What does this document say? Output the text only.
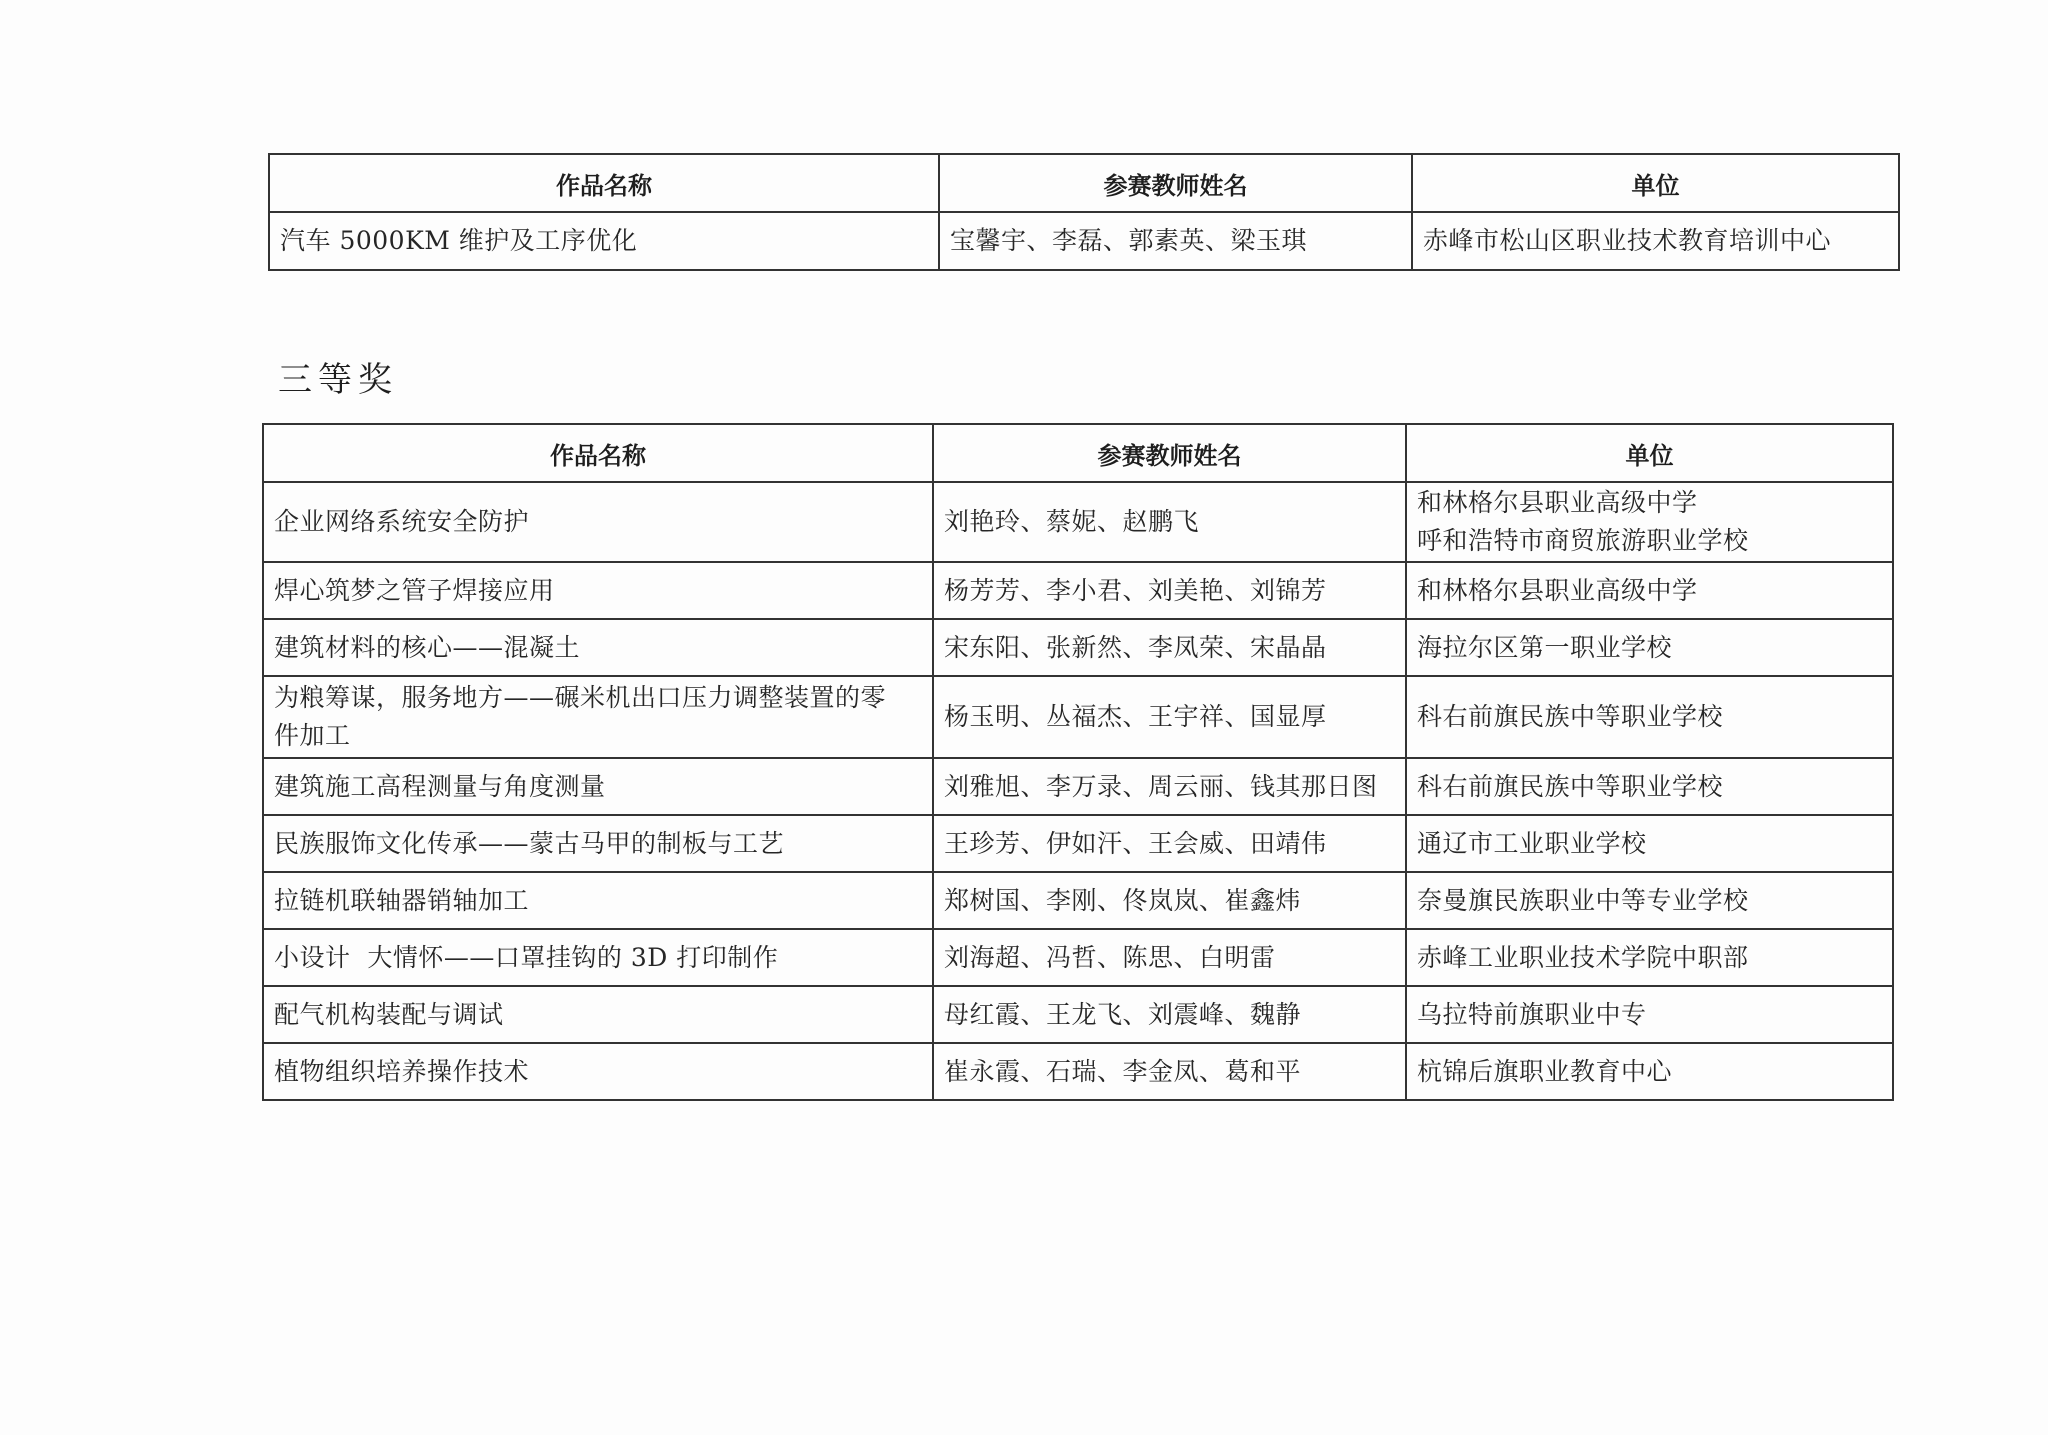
作品名称	参赛教师姓名	单位
汽车 5000KM 维护及工序优化	宝馨宇、李磊、郭素英、梁玉琪	赤峰市松山区职业技术教育培训中心
三等奖
作品名称	参赛教师姓名	单位
企业网络系统安全防护	刘艳玲、蔡妮、赵鹏飞	和林格尔县职业高级中学
呼和浩特市商贸旅游职业学校

焊心筑梦之管子焊接应用	杨芳芳、李小君、刘美艳、刘锦芳	和林格尔县职业高级中学
建筑材料的核心——混凝土	宋东阳、张新然、李凤荣、宋晶晶	海拉尔区第一职业学校

为粮筹谋，服务地方——碾米机出口压力调整装置的零
件加工	杨玉明、丛福杰、王宇祥、国显厚	科右前旗民族中等职业学校
建筑施工高程测量与角度测量	刘雅旭、李万录、周云丽、钱其那日图	科右前旗民族中等职业学校
民族服饰文化传承——蒙古马甲的制板与工艺	王珍芳、伊如汗、王会威、田靖伟	通辽市工业职业学校
拉链机联轴器销轴加工	郑树国、李刚、佟岚岚、崔鑫炜	奈曼旗民族职业中等专业学校
小设计  大情怀——口罩挂钩的 3D 打印制作	刘海超、冯哲、陈思、白明雷	赤峰工业职业技术学院中职部
配气机构装配与调试	母红霞、王龙飞、刘震峰、魏静	乌拉特前旗职业中专
植物组织培养操作技术	崔永霞、石瑞、李金凤、葛和平	杭锦后旗职业教育中心
